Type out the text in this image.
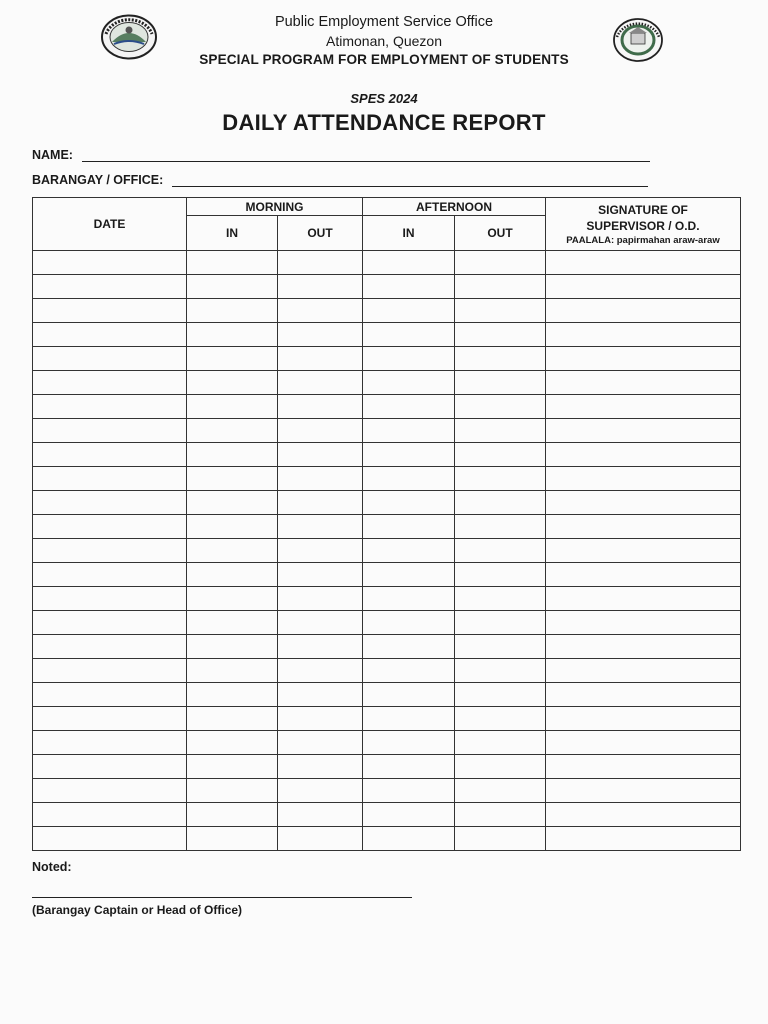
Public Employment Service Office
Atimonan, Quezon
SPECIAL PROGRAM FOR EMPLOYMENT OF STUDENTS
SPES 2024
DAILY ATTENDANCE REPORT
NAME:
BARANGAY / OFFICE:
DATE	MORNING		AFTERNOON		SIGNATURE OF
SUPERVISOR / O.D.
PAALALA: papirmahan araw-araw

	IN	OUT	IN	OUT	

Noted:
(Barangay Captain or Head of Office)
